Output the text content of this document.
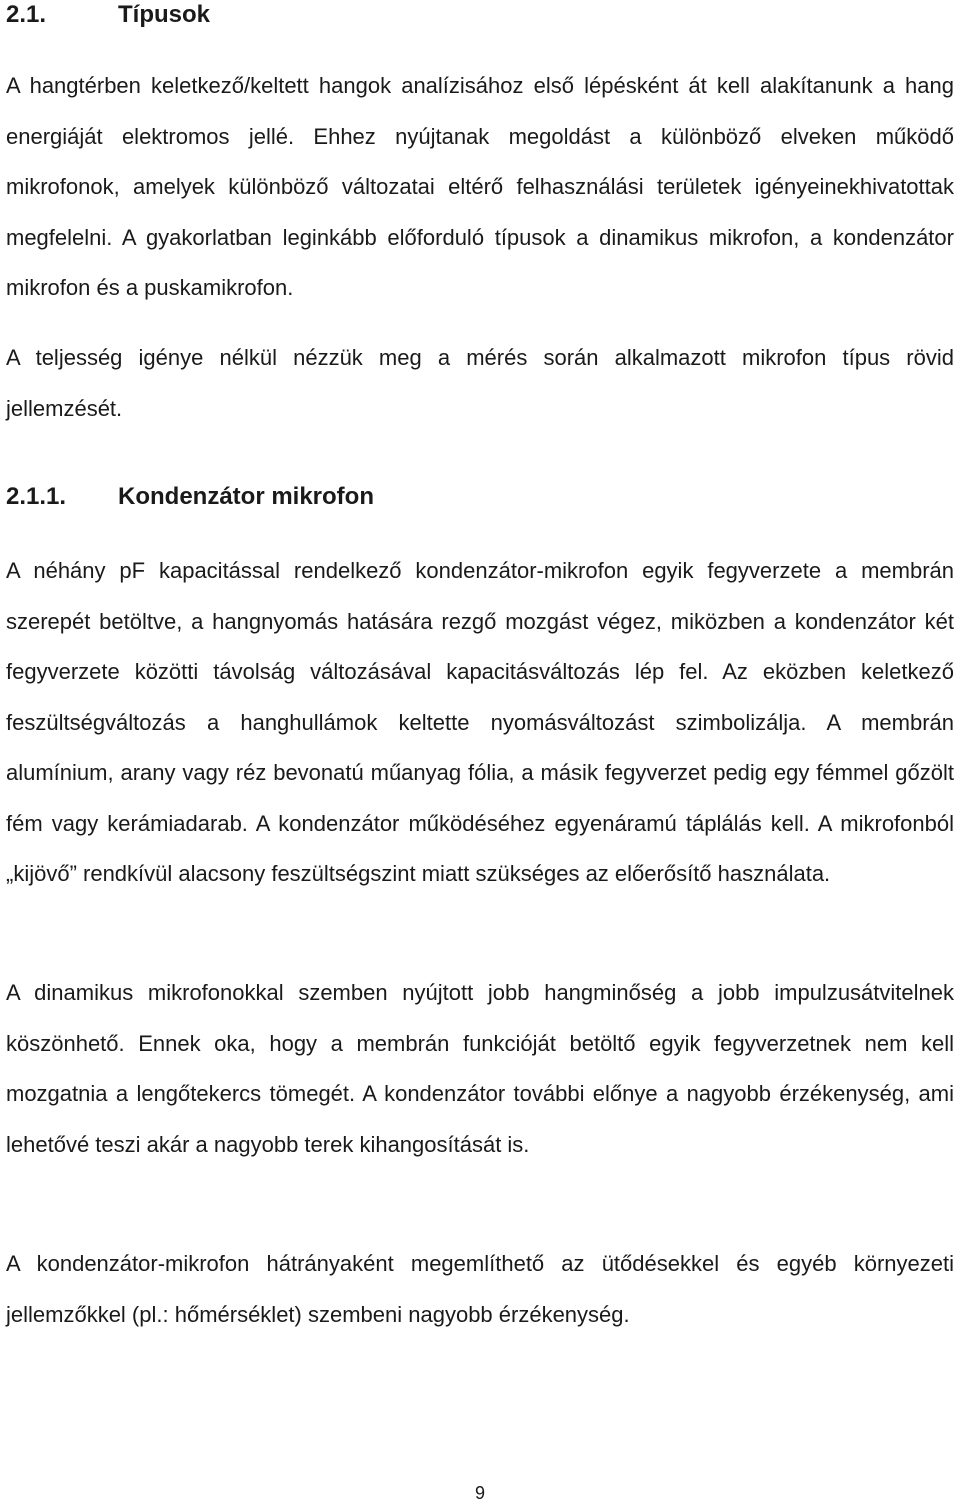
2.1.	Típusok

A hangtérben keletkező/keltett hangok analízisához első lépésként át kell alakítanunk a hang energiáját elektromos jellé. Ehhez nyújtanak megoldást a különböző elveken működő mikrofonok, amelyek különböző változatai eltérő felhasználási területek igényeinekhivatottak megfelelni. A gyakorlatban leginkább előforduló típusok a dinamikus mikrofon, a kondenzátor mikrofon és a puskamikrofon.

A teljesség igénye nélkül nézzük meg a mérés során alkalmazott mikrofon típus rövid jellemzését.

2.1.1. Kondenzátor mikrofon

A néhány pF kapacitással rendelkező kondenzátor-mikrofon egyik fegyverzete a membrán szerepét betöltve, a hangnyomás hatására rezgő mozgást végez, miközben a kondenzátor két fegyverzete közötti távolság változásával kapacitásváltozás lép fel. Az eközben keletkező feszültségváltozás a hanghullámok keltette nyomásváltozást szimbolizálja. A membrán alumínium, arany vagy réz bevonatú műanyag fólia, a másik fegyverzet pedig egy fémmel gőzölt fém vagy kerámiadarab. A kondenzátor működéséhez egyenáramú táplálás kell. A mikrofonból „kijövő” rendkívül alacsony feszültségszint miatt szükséges az előerősítő használata.

A dinamikus mikrofonokkal szemben nyújtott jobb hangminőség a jobb impulzusátvitelnek köszönhető. Ennek oka, hogy a membrán funkcióját betöltő egyik fegyverzetnek nem kell mozgatnia a lengőtekercs tömegét. A kondenzátor további előnye a nagyobb érzékenység, ami lehetővé teszi akár a nagyobb terek kihangosítását is.

A kondenzátor-mikrofon hátrányaként megemlíthető az ütődésekkel és egyéb környezeti jellemzőkkel (pl.: hőmérséklet) szembeni nagyobb érzékenység.

9
